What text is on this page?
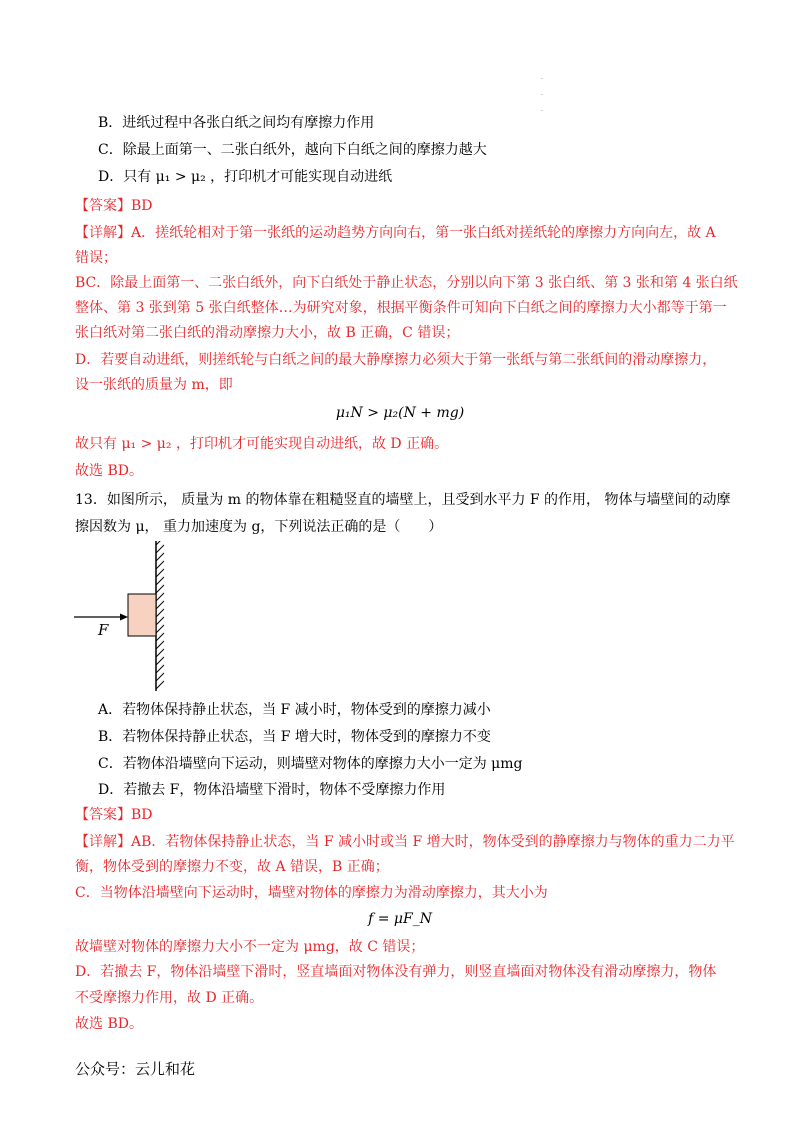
·
·
·
B．进纸过程中各张白纸之间均有摩擦力作用
C．除最上面第一、二张白纸外，越向下白纸之间的摩擦力越大
D．只有 μ₁ > μ₂ ，打印机才可能实现自动进纸
【答案】BD
【详解】A．搓纸轮相对于第一张纸的运动趋势方向向右，第一张白纸对搓纸轮的摩擦力方向向左，故 A
错误；
BC．除最上面第一、二张白纸外，向下白纸处于静止状态，分别以向下第 3 张白纸、第 3 张和第 4 张白纸
整体、第 3 张到第 5 张白纸整体…为研究对象，根据平衡条件可知向下白纸之间的摩擦力大小都等于第一
张白纸对第二张白纸的滑动摩擦力大小，故 B 正确，C 错误；
D．若要自动进纸，则搓纸轮与白纸之间的最大静摩擦力必须大于第一张纸与第二张纸间的滑动摩擦力，
设一张纸的质量为 m，即
μ₁N > μ₂(N + mg)
故只有 μ₁ > μ₂ ，打印机才可能实现自动进纸，故 D 正确。
故选 BD。
13．如图所示， 质量为 m 的物体靠在粗糙竖直的墙壁上，且受到水平力 F 的作用， 物体与墙壁间的动摩
擦因数为 μ， 重力加速度为 g，下列说法正确的是（　　）
F
A．若物体保持静止状态，当 F 减小时，物体受到的摩擦力减小
B．若物体保持静止状态，当 F 增大时，物体受到的摩擦力不变
C．若物体沿墙壁向下运动，则墙壁对物体的摩擦力大小一定为 μmg
D．若撤去 F，物体沿墙壁下滑时，物体不受摩擦力作用
【答案】BD
【详解】AB．若物体保持静止状态，当 F 减小时或当 F 增大时，物体受到的静摩擦力与物体的重力二力平
衡，物体受到的摩擦力不变，故 A 错误，B 正确；
C．当物体沿墙壁向下运动时，墙壁对物体的摩擦力为滑动摩擦力，其大小为
f = μF_N
故墙壁对物体的摩擦力大小不一定为 μmg，故 C 错误；
D．若撤去 F，物体沿墙壁下滑时，竖直墙面对物体没有弹力，则竖直墙面对物体没有滑动摩擦力，物体
不受摩擦力作用，故 D 正确。
故选 BD。
公众号：云儿和花
